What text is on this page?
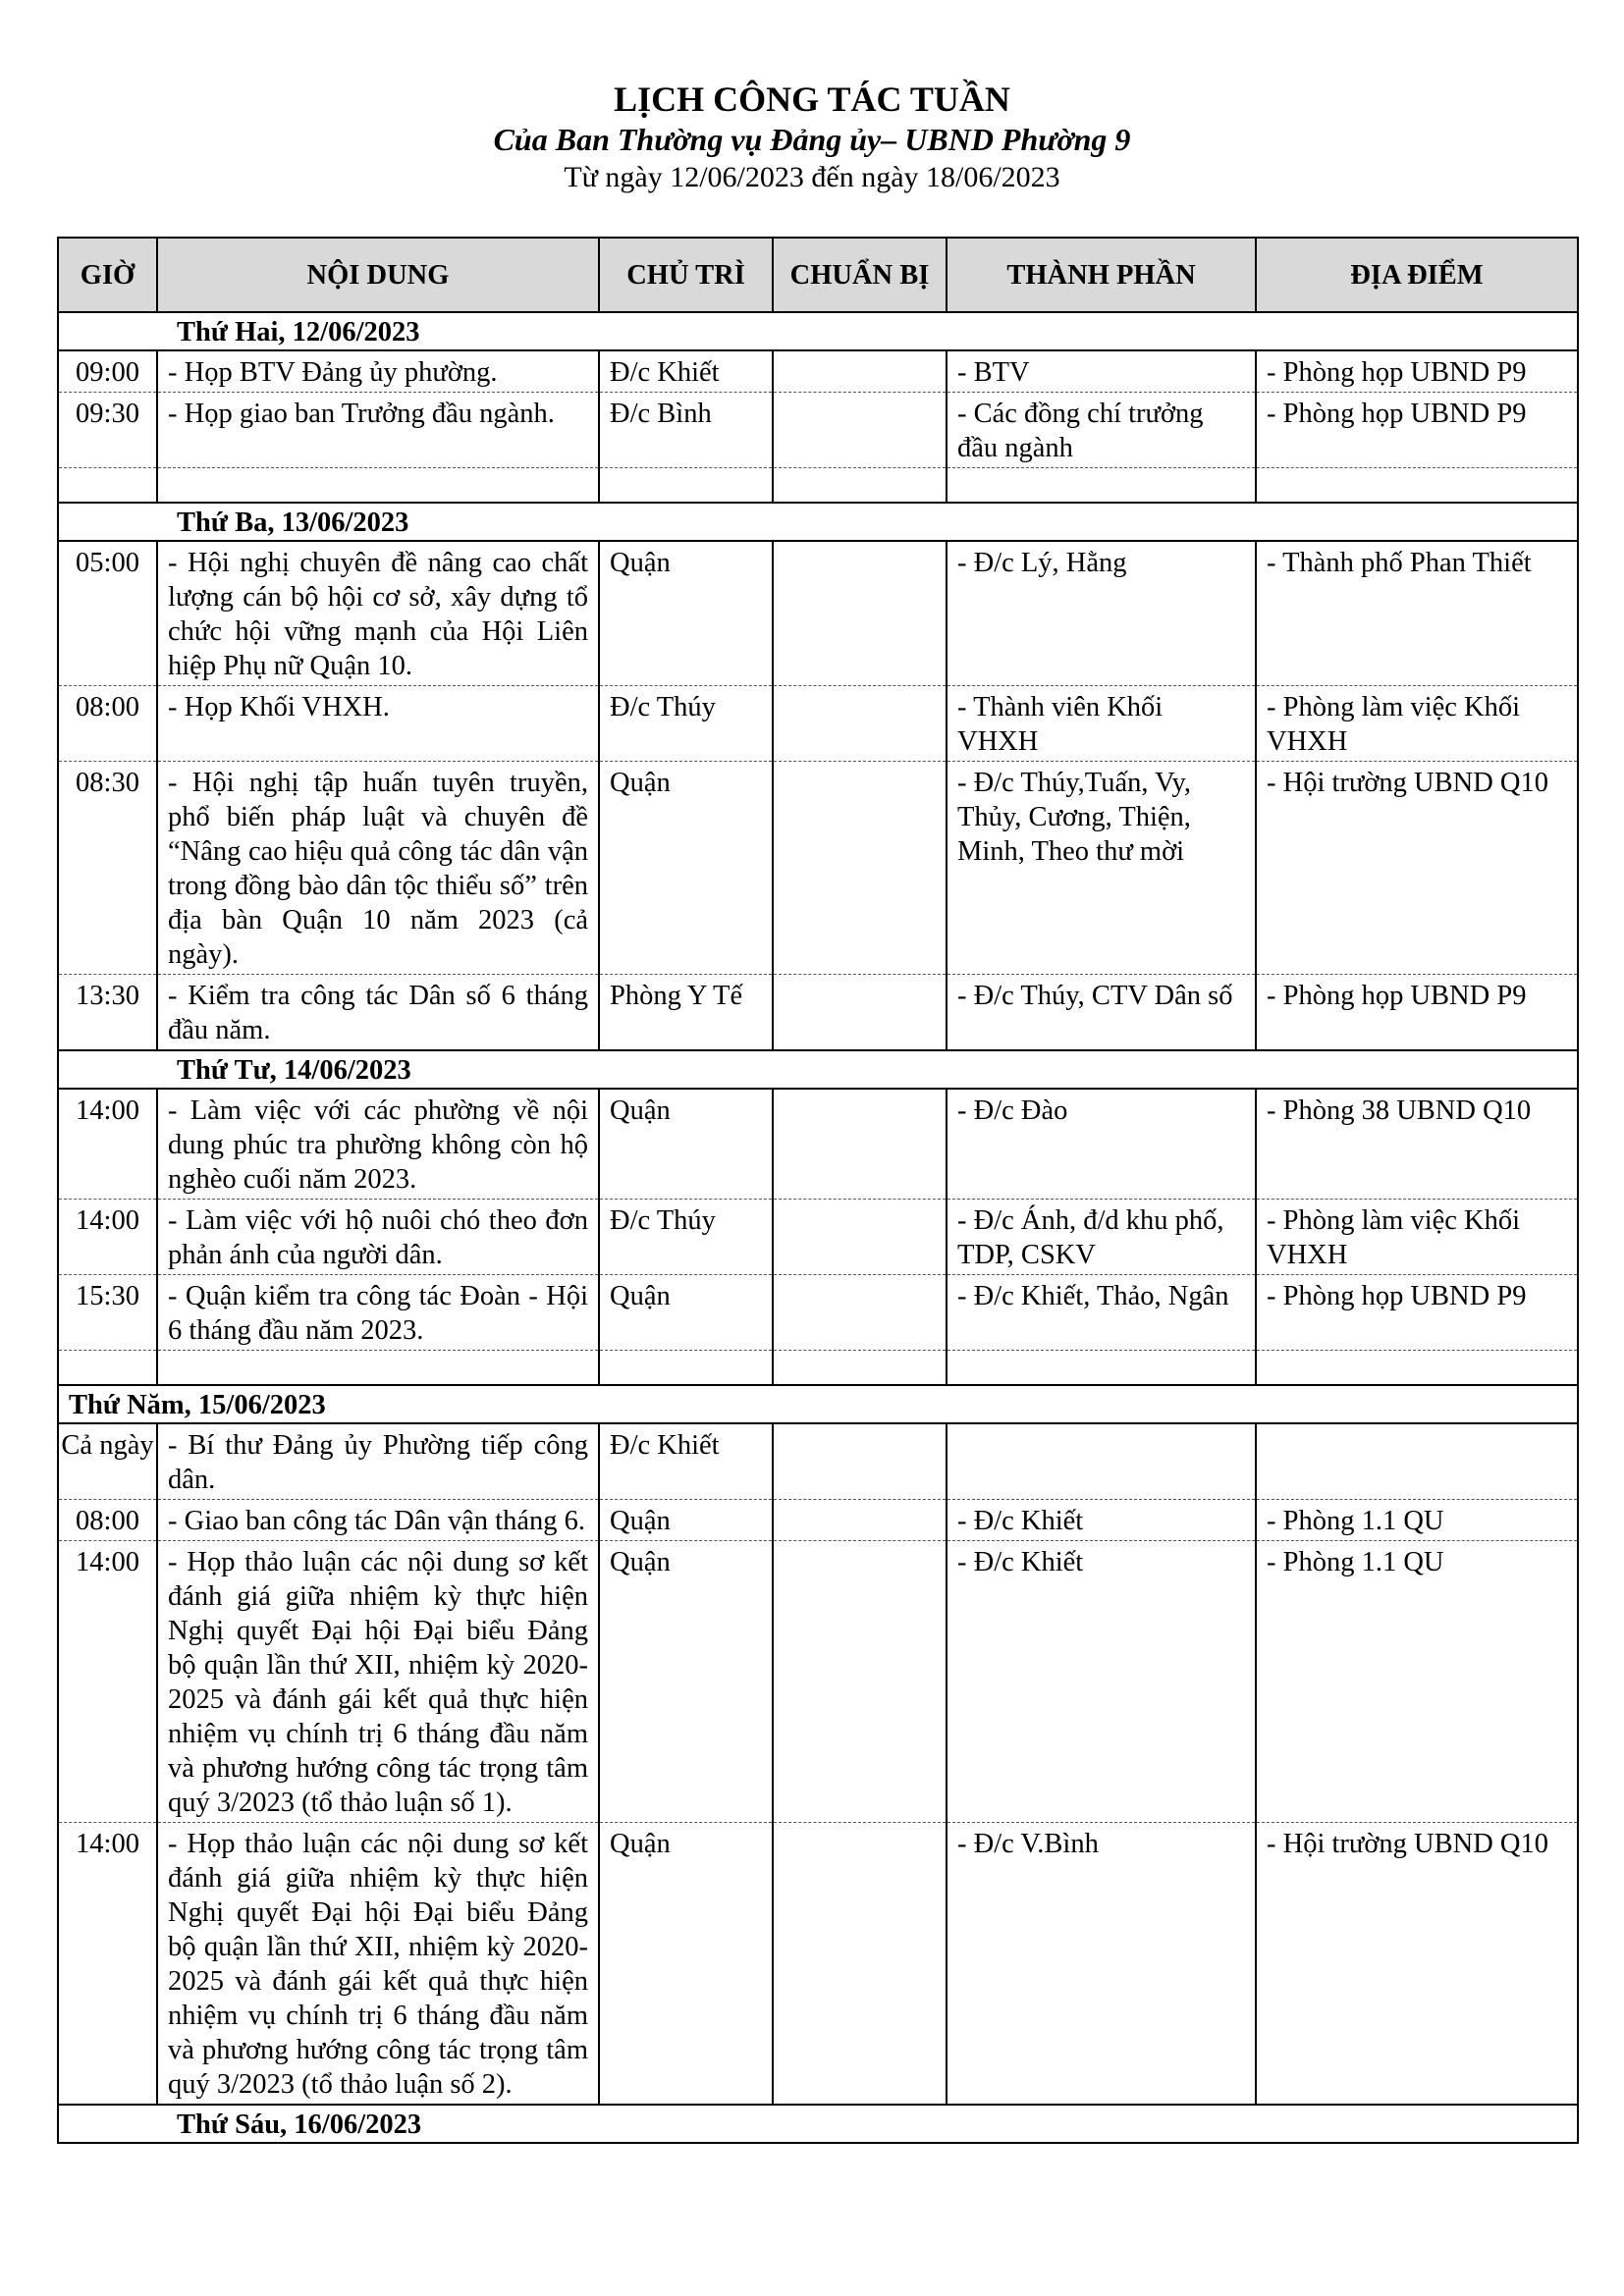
LỊCH CÔNG TÁC TUẦN
Của Ban Thường vụ Đảng ủy– UBND Phường 9
Từ ngày 12/06/2023 đến ngày 18/06/2023
GIỜ	NỘI DUNG	CHỦ TRÌ	CHUẨN BỊ	THÀNH PHẦN	ĐỊA ĐIỂM
Thứ Hai, 12/06/2023					
09:00	- Họp BTV Đảng ủy phường.	Đ/c Khiết		- BTV	- Phòng họp UBND P9
09:30	- Họp giao ban Trưởng đầu ngành.	Đ/c Bình		- Các đồng chí trưởng đầu ngành	- Phòng họp UBND P9

Thứ Ba, 13/06/2023					
05:00	- Hội nghị chuyên đề nâng cao chất lượng cán bộ hội cơ sở, xây dựng tổ chức hội vững mạnh của Hội Liên hiệp Phụ nữ Quận 10.	Quận		- Đ/c Lý, Hằng	- Thành phố Phan Thiết
08:00	- Họp Khối VHXH.	Đ/c Thúy		- Thành viên Khối VHXH	- Phòng làm việc Khối VHXH
08:30	- Hội nghị tập huấn tuyên truyền, phổ biến pháp luật và chuyên đề “Nâng cao hiệu quả công tác dân vận trong đồng bào dân tộc thiểu số” trên địa bàn Quận 10 năm 2023 (cả ngày).	Quận		- Đ/c Thúy,Tuấn, Vy, Thủy, Cương, Thiện, Minh, Theo thư mời	- Hội trường UBND Q10
13:30	- Kiểm tra công tác Dân số 6 tháng đầu năm.	Phòng Y Tế		- Đ/c Thúy, CTV Dân số	- Phòng họp UBND P9
Thứ Tư, 14/06/2023					
14:00	- Làm việc với các phường về nội dung phúc tra phường không còn hộ nghèo cuối năm 2023.	Quận		- Đ/c Đào	- Phòng 38 UBND Q10
14:00	- Làm việc với hộ nuôi chó theo đơn phản ánh của người dân.	Đ/c Thúy		- Đ/c Ánh, đ/d khu phố, TDP, CSKV	- Phòng làm việc Khối VHXH
15:30	- Quận kiểm tra công tác Đoàn - Hội 6 tháng đầu năm 2023.	Quận		- Đ/c Khiết, Thảo, Ngân	- Phòng họp UBND P9

Thứ Năm, 15/06/2023					
Cả ngày	- Bí thư Đảng ủy Phường tiếp công dân.	Đ/c Khiết			
08:00	- Giao ban công tác Dân vận tháng 6.	Quận		- Đ/c Khiết	- Phòng 1.1 QU
14:00	- Họp thảo luận các nội dung sơ kết đánh giá giữa nhiệm kỳ thực hiện Nghị quyết Đại hội Đại biểu Đảng bộ quận lần thứ XII, nhiệm kỳ 2020-2025 và đánh gái kết quả thực hiện nhiệm vụ chính trị 6 tháng đầu năm và phương hướng công tác trọng tâm quý 3/2023 (tổ thảo luận số 1).	Quận		- Đ/c Khiết	- Phòng 1.1 QU
14:00	- Họp thảo luận các nội dung sơ kết đánh giá giữa nhiệm kỳ thực hiện Nghị quyết Đại hội Đại biểu Đảng bộ quận lần thứ XII, nhiệm kỳ 2020-2025 và đánh gái kết quả thực hiện nhiệm vụ chính trị 6 tháng đầu năm và phương hướng công tác trọng tâm quý 3/2023 (tổ thảo luận số 2).	Quận		- Đ/c V.Bình	- Hội trường UBND Q10
Thứ Sáu, 16/06/2023					
